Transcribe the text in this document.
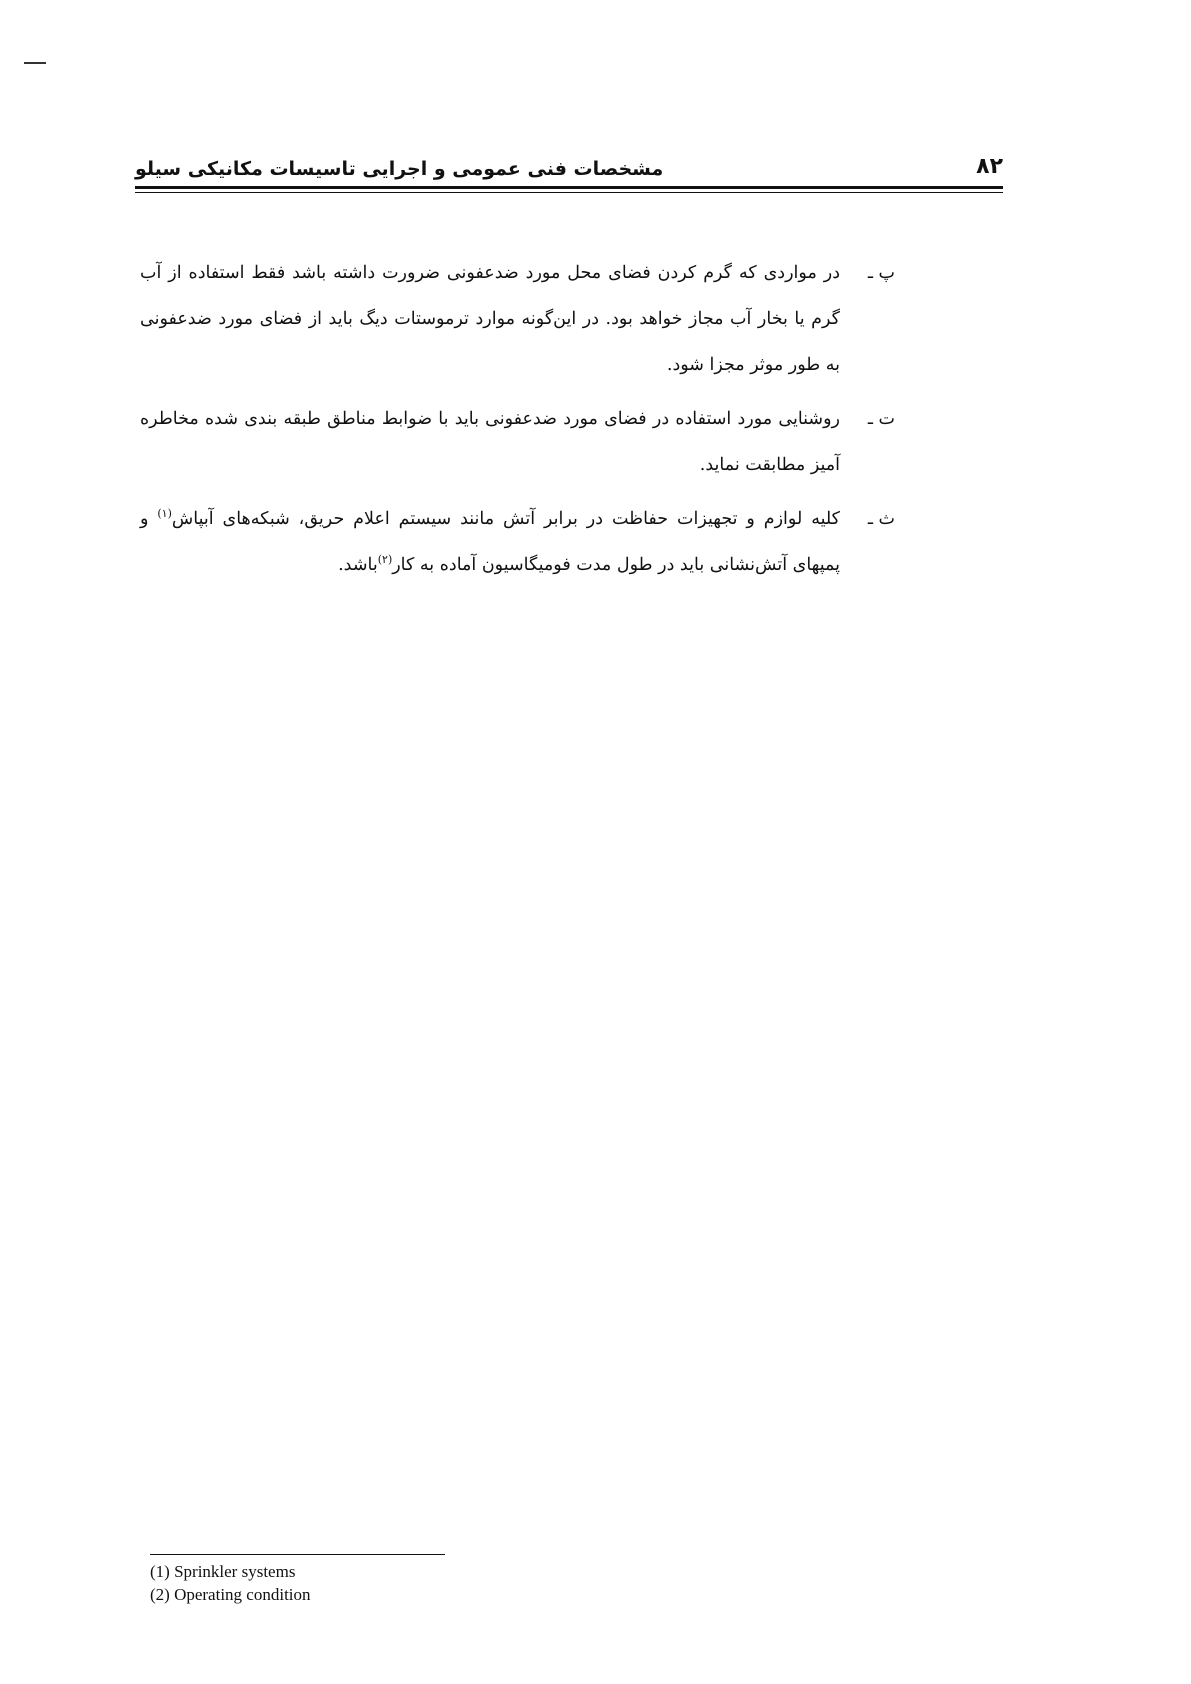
۸۲
مشخصات فنی عمومی و اجرایی تاسیسات مکانیکی سیلو
پ ـ
در مواردی که گرم کردن فضای محل مورد ضدعفونی ضرورت داشته باشد فقط استفاده از آب گرم یا بخار آب مجاز خواهد بود. در این‌گونه موارد ترموستات دیگ باید از فضای مورد ضدعفونی به طور موثر مجزا شود.
ت ـ
روشنایی مورد استفاده در فضای مورد ضدعفونی باید با ضوابط مناطق طبقه بندی شده مخاطره آمیز مطابقت نماید.
ث ـ
کلیه لوازم و تجهیزات حفاظت در برابر آتش مانند سیستم اعلام حریق، شبکه‌های آبپاش$^{(۱)}$ و پمپهای آتش‌نشانی باید در طول مدت فومیگاسیون آماده به کار$^{(۲)}$باشد.
(1) Sprinkler systems
(2) Operating condition
